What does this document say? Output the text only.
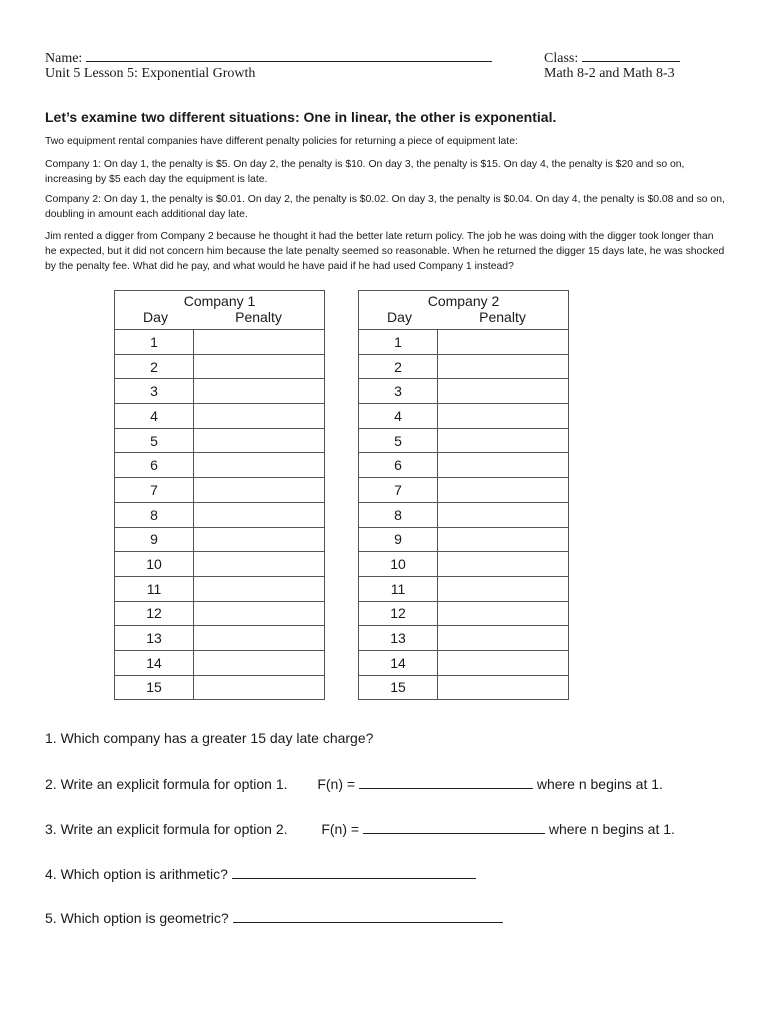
Name:
Unit 5 Lesson 5: Exponential Growth
Class:
Math 8-2 and Math 8-3
Let’s examine two different situations: One in linear, the other is exponential.
Two equipment rental companies have different penalty policies for returning a piece of equipment late:
Company 1: On day 1, the penalty is $5. On day 2, the penalty is $10. On day 3, the penalty is $15. On day 4, the penalty is $20 and so on, increasing by $5 each day the equipment is late.
Company 2: On day 1, the penalty is $0.01. On day 2, the penalty is $0.02. On day 3, the penalty is $0.04. On day 4, the penalty is $0.08 and so on, doubling in amount each additional day late.
Jim rented a digger from Company 2 because he thought it had the better late return policy. The job he was doing with the digger took longer than he expected, but it did not concern him because the late penalty seemed so reasonable. When he returned the digger 15 days late, he was shocked by the penalty fee. What did he pay, and what would he have paid if he had used Company 1 instead?
Company 1	
Day Penalty	
1	
2	
3	
4	
5	
6	
7	
8	
9	
10	
11	
12	
13	
14	
15	
Company 2	
Day Penalty	
1	
2	
3	
4	
5	
6	
7	
8	
9	
10	
11	
12	
13	
14	
15	
1. Which company has a greater 15 day late charge?
2. Write an explicit formula for option 1. F(n) =	where n begins at 1.
3. Write an explicit formula for option 2. F(n) =	where n begins at 1.
4. Which option is arithmetic?
5. Which option is geometric?
